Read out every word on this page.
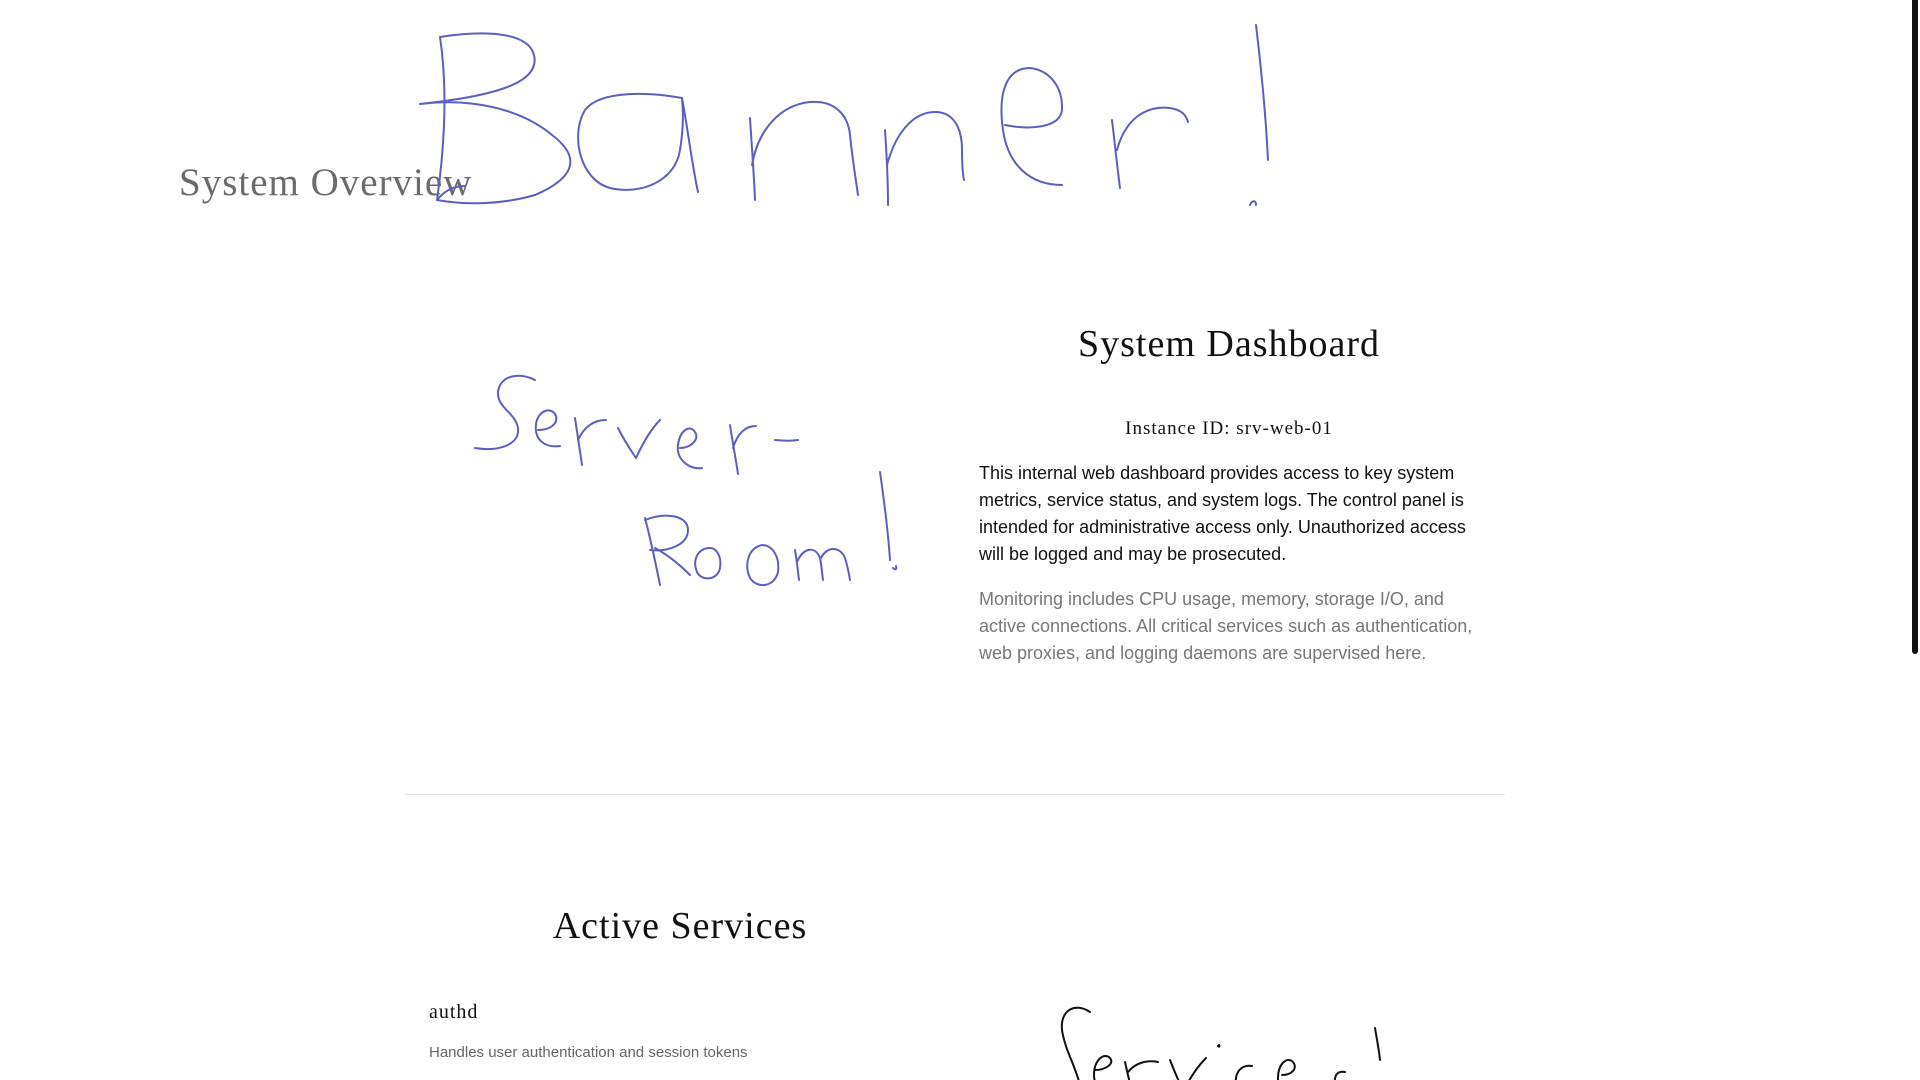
System Overview
System Dashboard
Instance ID: srv-web-01

This internal web dashboard provides access to key system metrics, service status, and system logs. The control panel is intended for administrative access only. Unauthorized access will be logged and may be prosecuted.

Monitoring includes CPU usage, memory, storage I/O, and active connections. All critical services such as authentication, web proxies, and logging daemons are supervised here.

Active Services
authd
Handles user authentication and session tokens
